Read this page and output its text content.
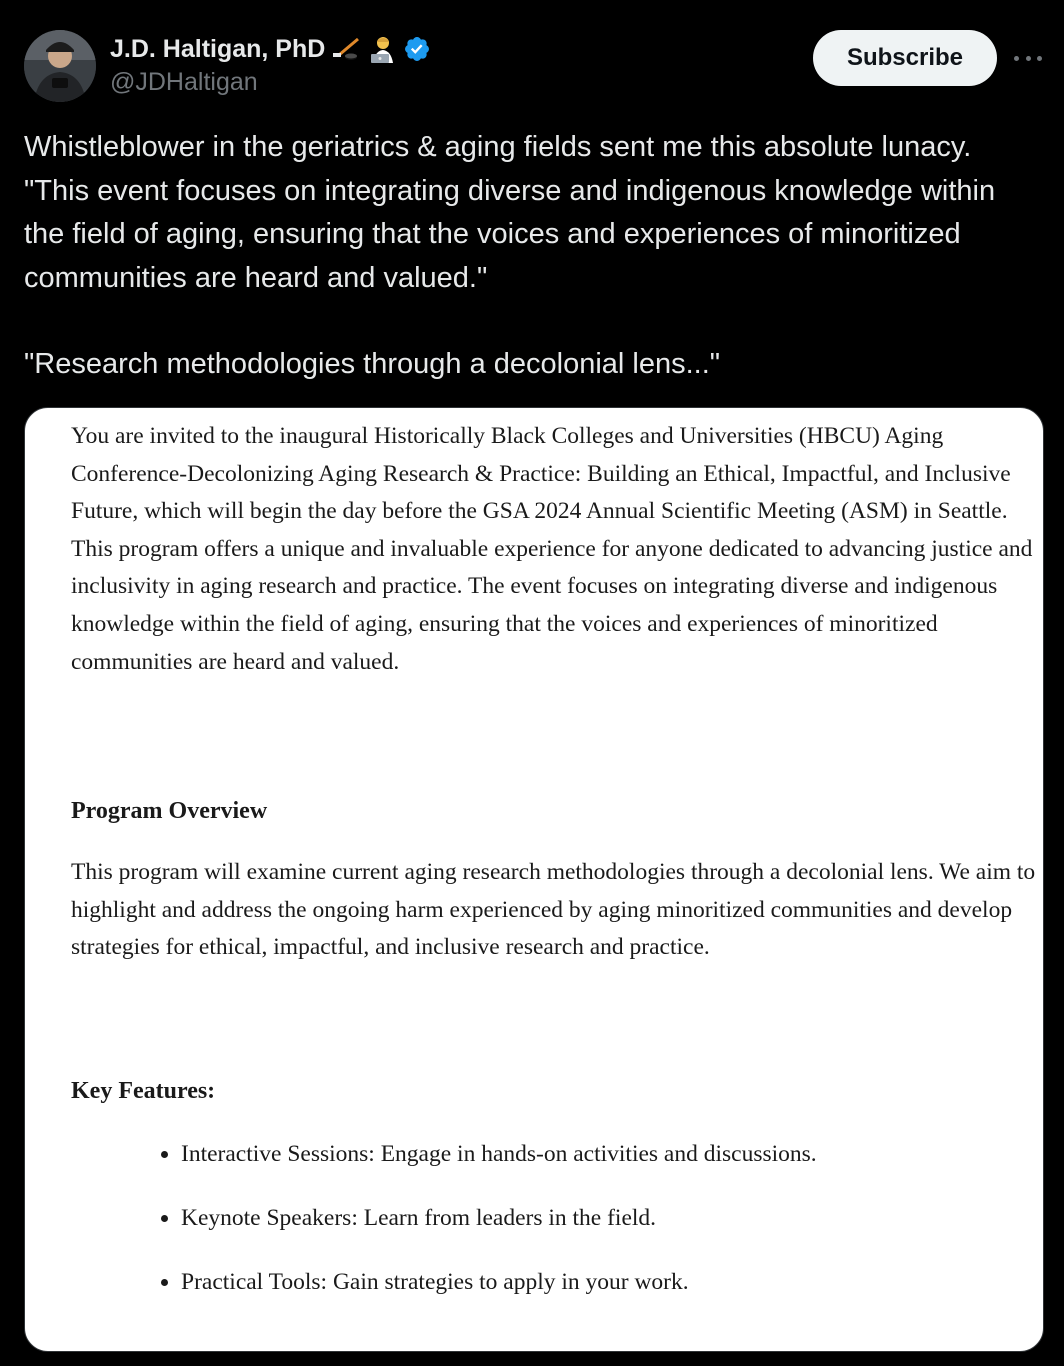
J.D. Haltigan, PhD
@JDHaltigan
Subscribe

Whistleblower in the geriatrics & aging fields sent me this absolute lunacy. "This event focuses on integrating diverse and indigenous knowledge within the field of aging, ensuring that the voices and experiences of minoritized communities are heard and valued."

"Research methodologies through a decolonial lens..."

You are invited to the inaugural Historically Black Colleges and Universities (HBCU) Aging Conference-Decolonizing Aging Research & Practice: Building an Ethical, Impactful, and Inclusive Future, which will begin the day before the GSA 2024 Annual Scientific Meeting (ASM) in Seattle. This program offers a unique and invaluable experience for anyone dedicated to advancing justice and inclusivity in aging research and practice. The event focuses on integrating diverse and indigenous knowledge within the field of aging, ensuring that the voices and experiences of minoritized communities are heard and valued.

Program Overview

This program will examine current aging research methodologies through a decolonial lens. We aim to highlight and address the ongoing harm experienced by aging minoritized communities and develop strategies for ethical, impactful, and inclusive research and practice.

Key Features:
Interactive Sessions: Engage in hands-on activities and discussions.
Keynote Speakers: Learn from leaders in the field.
Practical Tools: Gain strategies to apply in your work.
